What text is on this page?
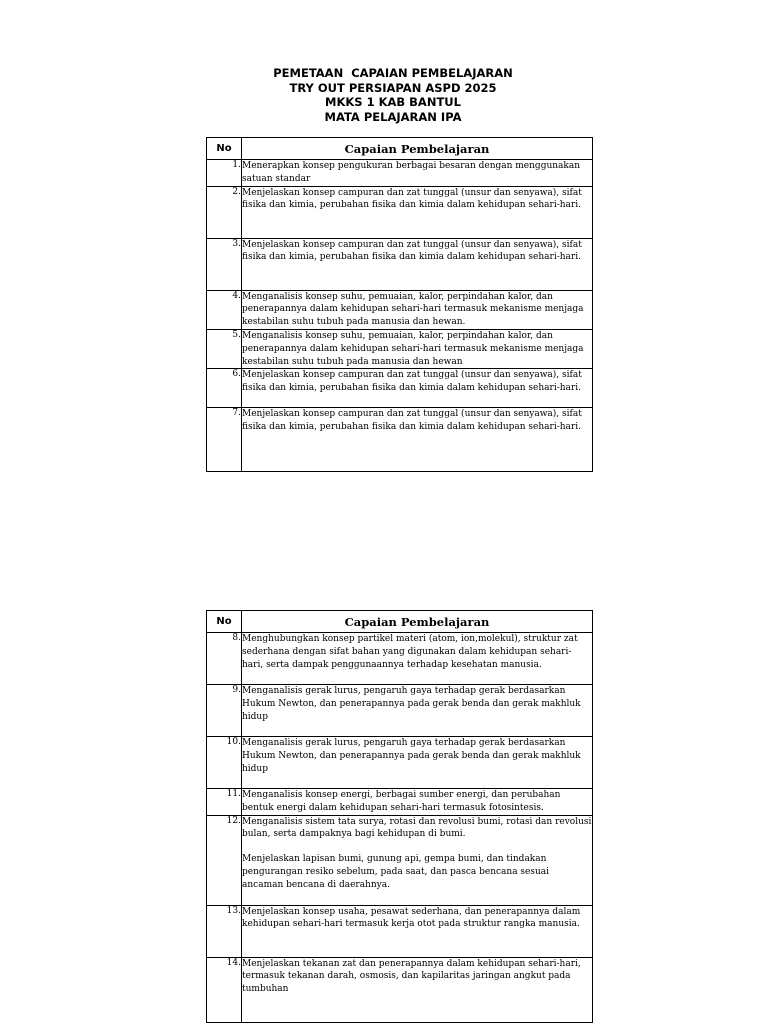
PEMETAAN  CAPAIAN PEMBELAJARAN
TRY OUT PERSIAPAN ASPD 2025
MKKS 1 KAB BANTUL
MATA PELAJARAN IPA
No	Capaian Pembelajaran
1.	Menerapkan konsep pengukuran berbagai besaran dengan menggunakan satuan standar

2.	Menjelaskan konsep campuran dan zat tunggal (unsur dan senyawa), sifat fisika dan kimia, perubahan fisika dan kimia dalam kehidupan sehari-hari.

3.	Menjelaskan konsep campuran dan zat tunggal (unsur dan senyawa), sifat fisika dan kimia, perubahan fisika dan kimia dalam kehidupan sehari-hari.

4.	Menganalisis konsep suhu, pemuaian, kalor, perpindahan kalor, dan penerapannya dalam kehidupan sehari-hari termasuk mekanisme menjaga kestabilan suhu tubuh pada manusia dan hewan.

5.	Menganalisis konsep suhu, pemuaian, kalor, perpindahan kalor, dan penerapannya dalam kehidupan sehari-hari termasuk mekanisme menjaga kestabilan suhu tubuh pada manusia dan hewan

6.	Menjelaskan konsep campuran dan zat tunggal (unsur dan senyawa), sifat fisika dan kimia, perubahan fisika dan kimia dalam kehidupan sehari-hari.

7.	Menjelaskan konsep campuran dan zat tunggal (unsur dan senyawa), sifat fisika dan kimia, perubahan fisika dan kimia dalam kehidupan sehari-hari.
No	Capaian Pembelajaran
8.	Menghubungkan konsep partikel materi (atom, ion,molekul), struktur zat sederhana dengan sifat bahan yang digunakan dalam kehidupan sehari- hari, serta dampak penggunaannya terhadap kesehatan manusia.

9.	Menganalisis gerak lurus, pengaruh gaya terhadap gerak berdasarkan Hukum Newton, dan penerapannya pada gerak benda dan gerak makhluk hidup

10.	Menganalisis gerak lurus, pengaruh gaya terhadap gerak berdasarkan Hukum Newton, dan penerapannya pada gerak benda dan gerak makhluk hidup

11.	Menganalisis konsep energi, berbagai sumber energi, dan perubahan bentuk energi dalam kehidupan sehari-hari termasuk fotosintesis.

12.	Menganalisis sistem tata surya, rotasi dan revolusi bumi, rotasi dan revolusi bulan, serta dampaknya bagi kehidupan di bumi.
Menjelaskan lapisan bumi, gunung api, gempa bumi, dan tindakan pengurangan resiko sebelum, pada saat, dan pasca bencana sesuai ancaman bencana di daerahnya.

13.	Menjelaskan konsep usaha, pesawat sederhana, dan penerapannya dalam kehidupan sehari-hari termasuk kerja otot pada struktur rangka manusia.

14.	Menjelaskan tekanan zat dan penerapannya dalam kehidupan sehari-hari, termasuk tekanan darah, osmosis, dan kapilaritas jaringan angkut pada tumbuhan
